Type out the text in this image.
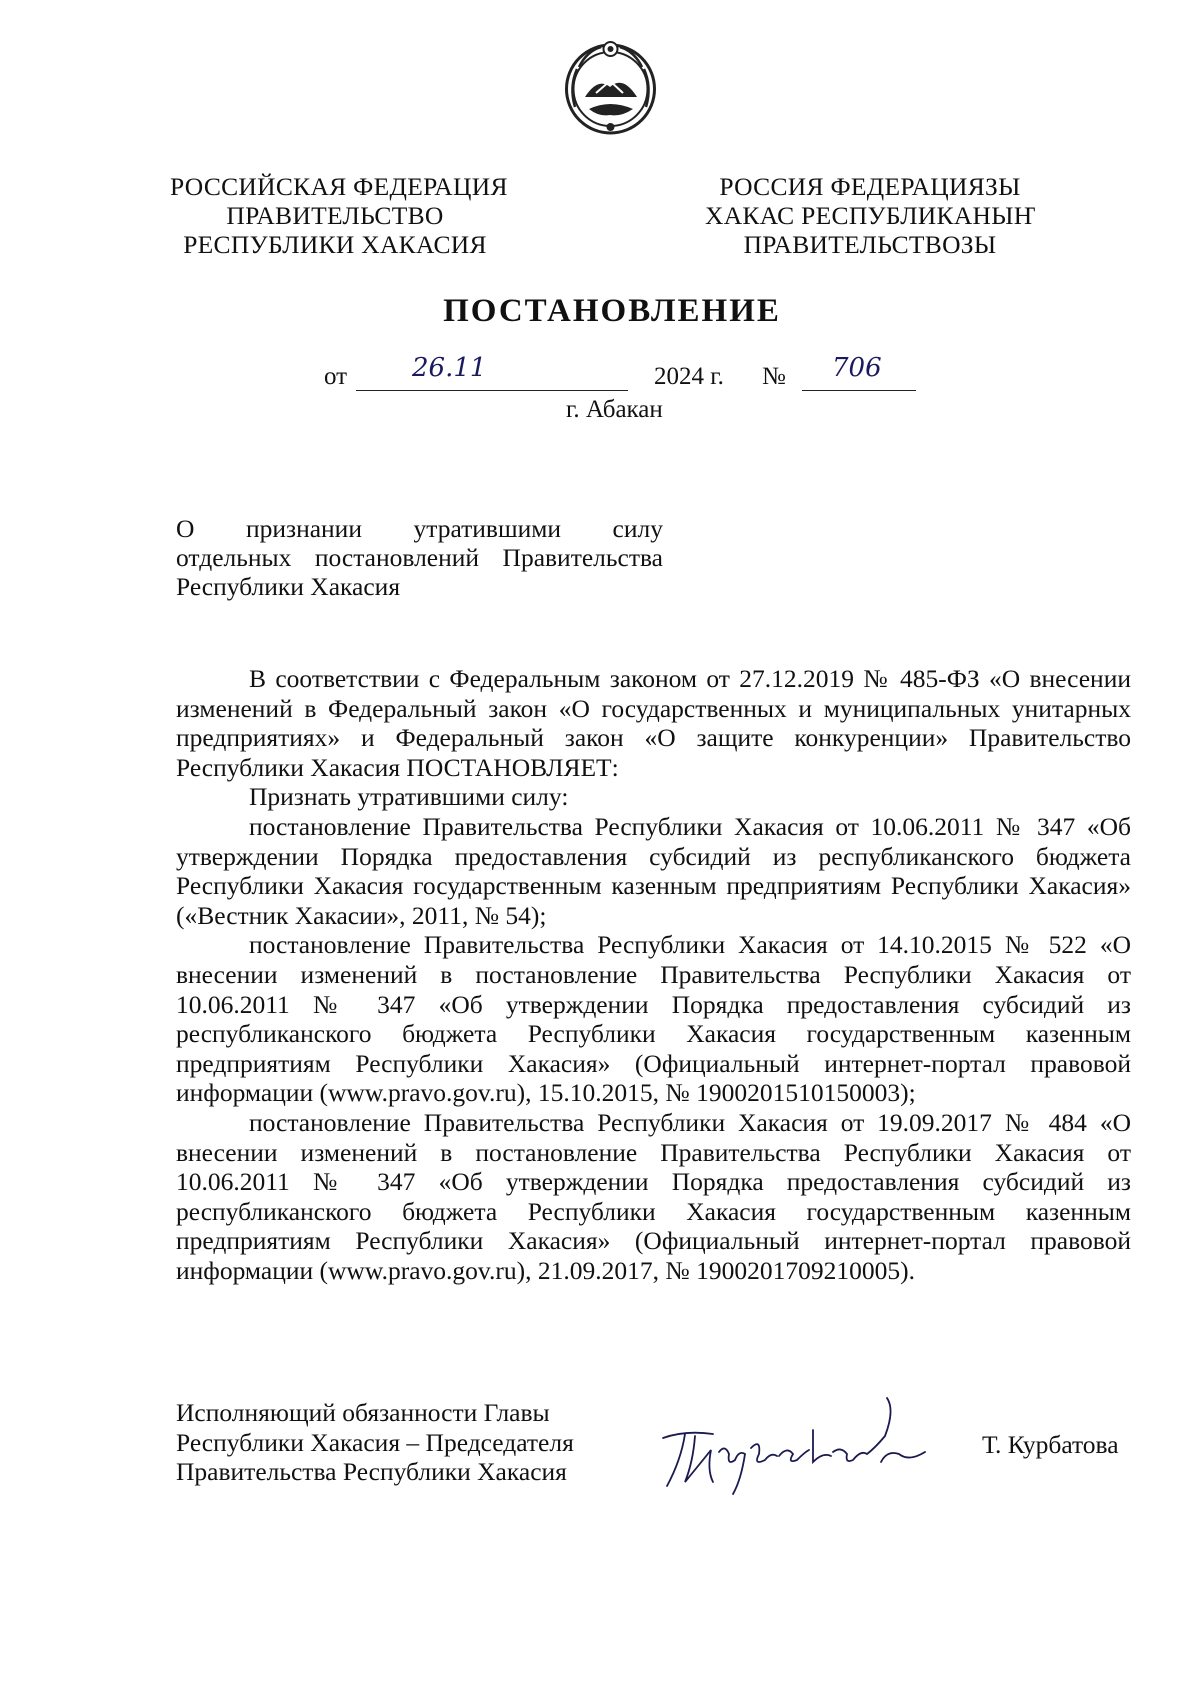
РОССИЙСКАЯ ФЕДЕРАЦИЯ
ПРАВИТЕЛЬСТВО
РЕСПУБЛИКИ ХАКАСИЯ
РОССИЯ ФЕДЕРАЦИЯЗЫ
ХАКАС РЕСПУБЛИКАНЫҤ
ПРАВИТЕЛЬСТВОЗЫ
ПОСТАНОВЛЕНИЕ
от 26.11	2024 г. № 706
г. Абакан
О признании утратившими силу
отдельных постановлений Правительства
Республики Хакасия

В соответствии с Федеральным законом от 27.12.2019 № 485-ФЗ «О внесении изменений в Федеральный закон «О государственных и муниципальных унитарных предприятиях» и Федеральный закон «О защите конкуренции» Правительство Республики Хакасия ПОСТАНОВЛЯЕТ:

Признать утратившими силу:

постановление Правительства Республики Хакасия от 10.06.2011 № 347 «Об утверждении Порядка предоставления субсидий из республиканского бюджета Республики Хакасия государственным казенным предприятиям Республики Хакасия» («Вестник Хакасии», 2011, № 54);

постановление Правительства Республики Хакасия от 14.10.2015 № 522 «О внесении изменений в постановление Правительства Республики Хакасия от 10.06.2011 № 347 «Об утверждении Порядка предоставления субсидий из республиканского бюджета Республики Хакасия государственным казенным предприятиям Республики Хакасия» (Официальный интернет-портал правовой информации (www.pravo.gov.ru), 15.10.2015, № 1900201510150003);

постановление Правительства Республики Хакасия от 19.09.2017 № 484 «О внесении изменений в постановление Правительства Республики Хакасия от 10.06.2011 № 347 «Об утверждении Порядка предоставления субсидий из республиканского бюджета Республики Хакасия государственным казенным предприятиям Республики Хакасия» (Официальный интернет-портал правовой информации (www.pravo.gov.ru), 21.09.2017, № 1900201709210005).

Исполняющий обязанности Главы
Республики Хакасия – Председателя
Правительства Республики Хакасия
Т. Курбатова
